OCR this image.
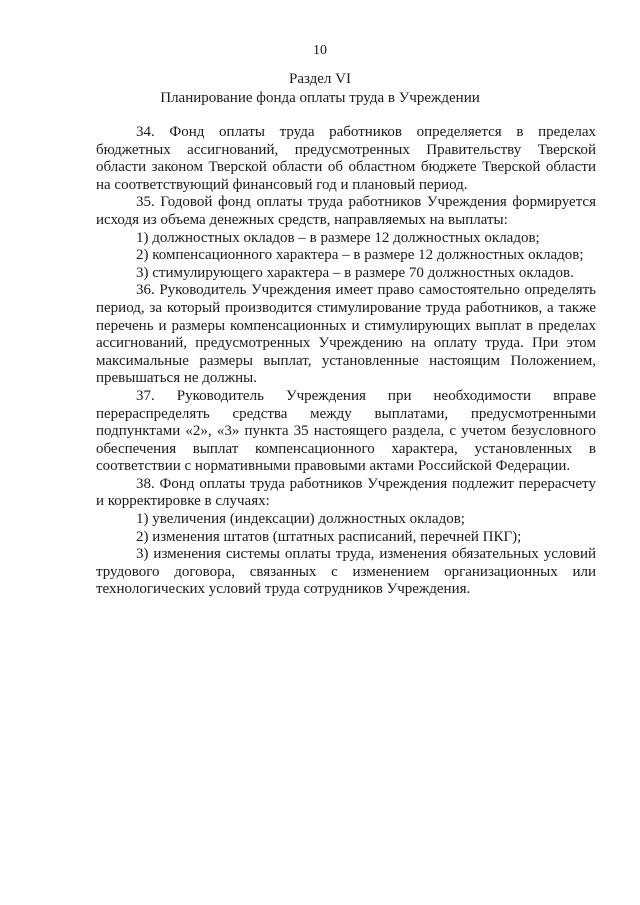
10
Раздел VI
Планирование фонда оплаты труда в Учреждении

34. Фонд оплаты труда работников определяется в пределах бюджетных ассигнований, предусмотренных Правительству Тверской области законом Тверской области об областном бюджете Тверской области на соответствующий финансовый год и плановый период.

35. Годовой фонд оплаты труда работников Учреждения формируется исходя из объема денежных средств, направляемых на выплаты:

1) должностных окладов – в размере 12 должностных окладов;

2) компенсационного характера – в размере 12 должностных окладов;

3) стимулирующего характера – в размере 70 должностных окладов.

36. Руководитель Учреждения имеет право самостоятельно определять период, за который производится стимулирование труда работников, а также перечень и размеры компенсационных и стимулирующих выплат в пределах ассигнований, предусмотренных Учреждению на оплату труда. При этом максимальные размеры выплат, установленные настоящим Положением, превышаться не должны.

37. Руководитель Учреждения при необходимости вправе перераспределять средства между выплатами, предусмотренными подпунктами «2», «3» пункта 35 настоящего раздела, с учетом безусловного обеспечения выплат компенсационного характера, установленных в соответствии с нормативными правовыми актами Российской Федерации.

38. Фонд оплаты труда работников Учреждения подлежит перерасчету и корректировке в случаях:

1) увеличения (индексации) должностных окладов;

2) изменения штатов (штатных расписаний, перечней ПКГ);

3) изменения системы оплаты труда, изменения обязательных условий трудового договора, связанных с изменением организационных или технологических условий труда сотрудников Учреждения.
